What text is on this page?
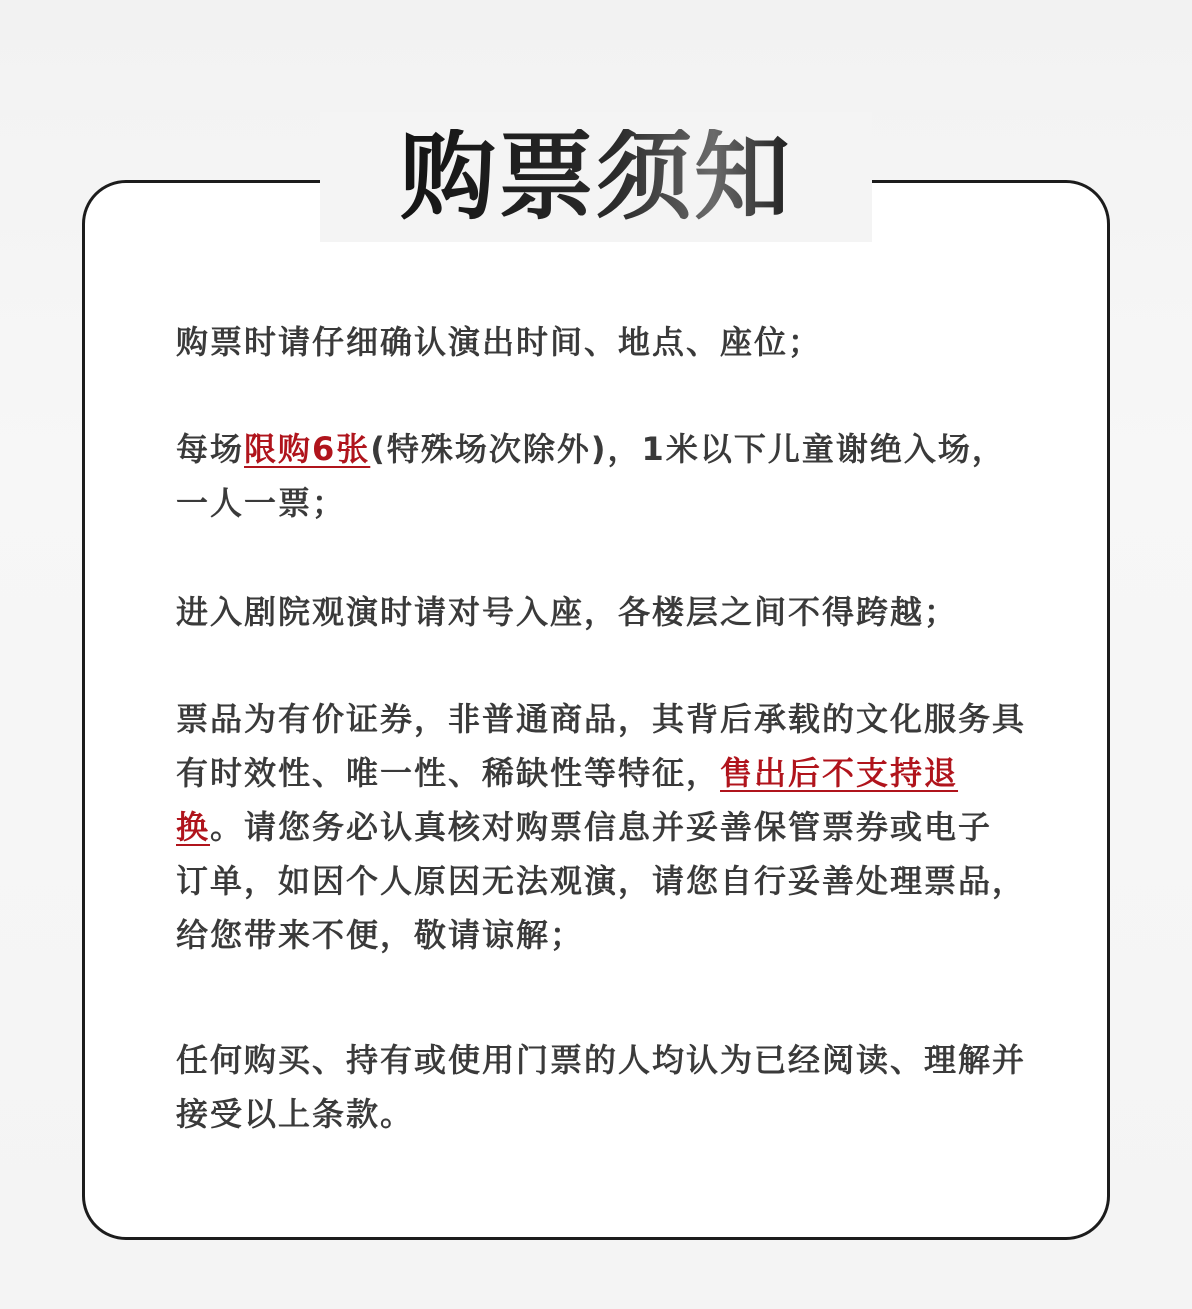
购票须知

购票时请仔细确认演出时间、地点、座位；

每场限购6张(特殊场次除外)，1米以下儿童谢绝入场，一人一票；

进入剧院观演时请对号入座，各楼层之间不得跨越；

票品为有价证券，非普通商品，其背后承载的文化服务具有时效性、唯一性、稀缺性等特征，售出后不支持退换。请您务必认真核对购票信息并妥善保管票券或电子订单，如因个人原因无法观演，请您自行妥善处理票品，给您带来不便，敬请谅解；

任何购买、持有或使用门票的人均认为已经阅读、理解并接受以上条款。
